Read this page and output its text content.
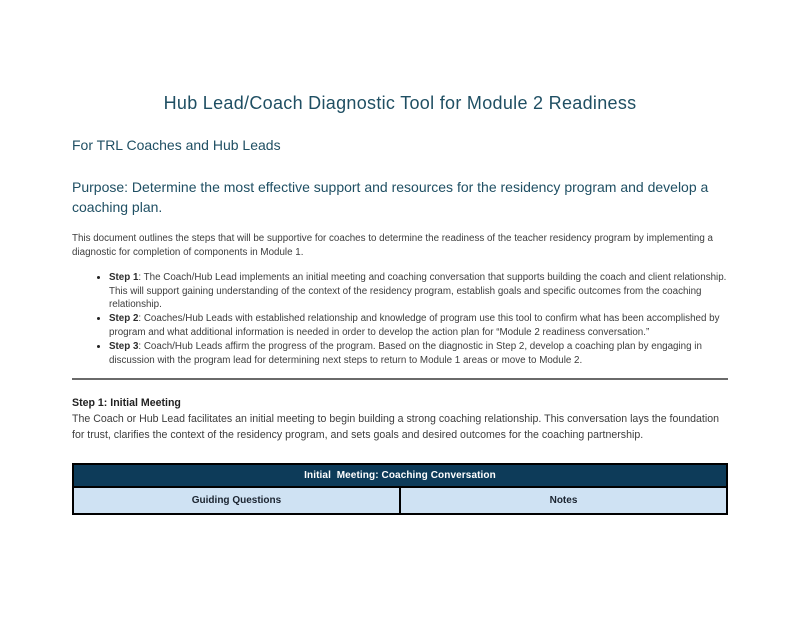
Hub Lead/Coach Diagnostic Tool for Module 2 Readiness

For TRL Coaches and Hub Leads

Purpose: Determine the most effective support and resources for the residency program and develop a coaching plan.

This document outlines the steps that will be supportive for coaches to determine the readiness of the teacher residency program by implementing a diagnostic for completion of components in Module 1.

• Step 1: The Coach/Hub Lead implements an initial meeting and coaching conversation that supports building the coach and client relationship. This will support gaining understanding of the context of the residency program, establish goals and specific outcomes from the coaching relationship.
• Step 2: Coaches/Hub Leads with established relationship and knowledge of program use this tool to confirm what has been accomplished by program and what additional information is needed in order to develop the action plan for “Module 2 readiness conversation.”
• Step 3: Coach/Hub Leads affirm the progress of the program. Based on the diagnostic in Step 2, develop a coaching plan by engaging in discussion with the program lead for determining next steps to return to Module 1 areas or move to Module 2.
Step 1: Initial Meeting

The Coach or Hub Lead facilitates an initial meeting to begin building a strong coaching relationship. This conversation lays the foundation for trust, clarifies the context of the residency program, and sets goals and desired outcomes for the coaching partnership.

Initial  Meeting: Coaching Conversation
Guiding Questions	Notes
